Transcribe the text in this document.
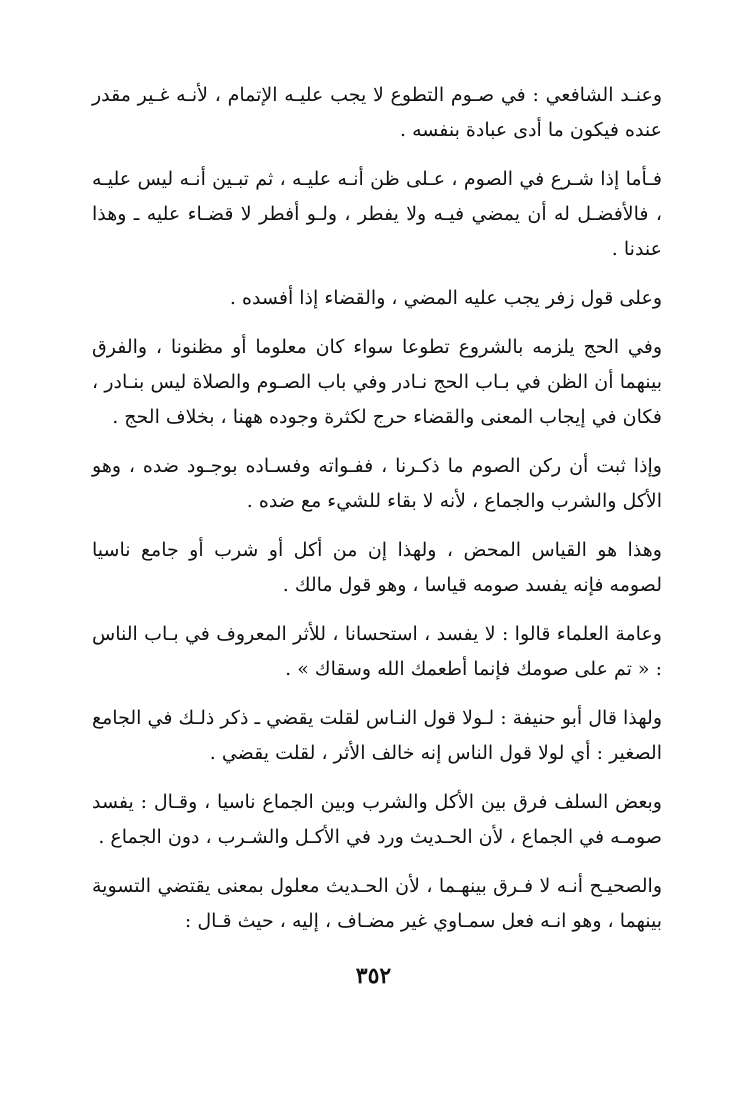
وعنـد الشافعي : في صـوم التطوع لا يجب عليـه الإتمام ، لأنـه غـير مقدر عنده فيكون ما أدى عبادة بنفسه .

فـأما إذا شـرع في الصوم ، عـلى ظن أنـه عليـه ، ثم تبـين أنـه ليس عليـه ، فالأفضـل له أن يمضي فيـه ولا يفطر ، ولـو أفطر لا قضـاء عليه ـ وهذا عندنا .

وعلى قول زفر يجب عليه المضي ، والقضاء إذا أفسده .

وفي الحج يلزمه بالشروع تطوعا سواء كان معلوما أو مظنونا ، والفرق بينهما أن الظن في بـاب الحج نـادر وفي باب الصـوم والصلاة ليس بنـادر ، فكان في إيجاب المعنى والقضاء حرج لكثرة وجوده ههنا ، بخلاف الحج .

وإذا ثبت أن ركن الصوم ما ذكـرنا ، ففـواته وفسـاده بوجـود ضده ، وهو الأكل والشرب والجماع ، لأنه لا بقاء للشيء مع ضده .

وهذا هو القياس المحض ، ولهذا إن من أكل أو شرب أو جامع ناسيا لصومه فإنه يفسد صومه قياسا ، وهو قول مالك .

وعامة العلماء قالوا : لا يفسد ، استحسانا ، للأثر المعروف في بـاب الناس : « تم على صومك فإنما أطعمك الله وسقاك » .

ولهذا قال أبو حنيفة : لـولا قول النـاس لقلت يقضي ـ ذكر ذلـك في الجامع الصغير : أي لولا قول الناس إنه خالف الأثر ، لقلت يقضي .

وبعض السلف فرق بين الأكل والشرب وبين الجماع ناسيا ، وقـال : يفسد صومـه في الجماع ، لأن الحـديث ورد في الأكـل والشـرب ، دون الجماع .

والصحيـح أنـه لا فـرق بينهـما ، لأن الحـديث معلول بمعنى يقتضي التسوية بينهما ، وهو انـه فعل سمـاوي غير مضـاف ، إليه ، حيث قـال :

٣٥٢
